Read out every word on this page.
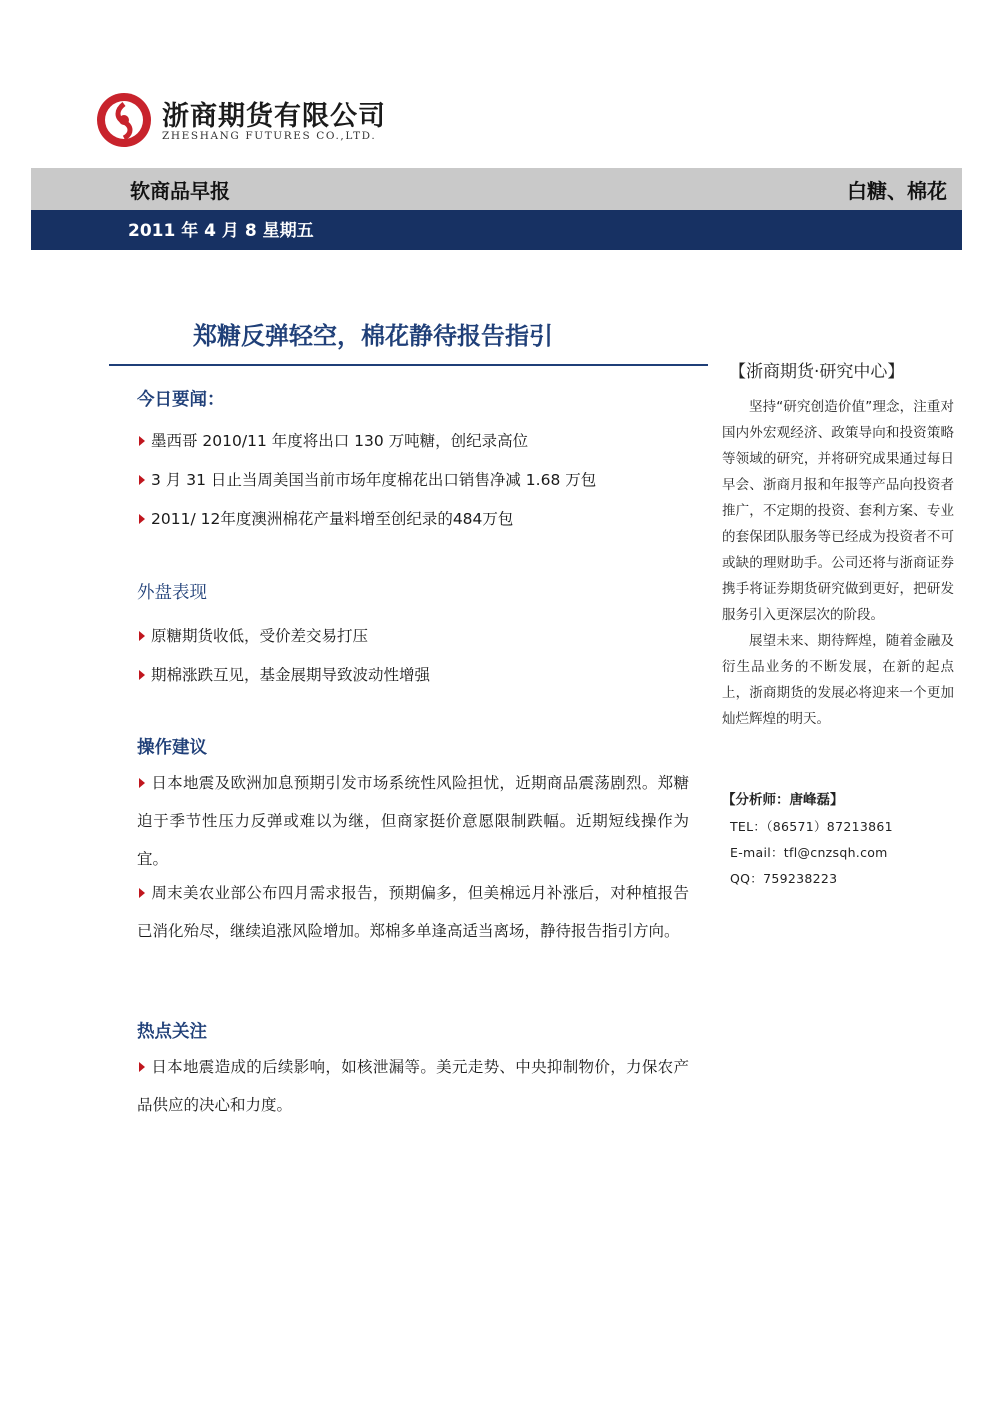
浙商期货有限公司
ZHESHANG FUTURES CO.,LTD.
软商品早报	白糖、棉花
2011 年 4 月 8 星期五
郑糖反弹轻空，棉花静待报告指引
今日要闻：
墨西哥 2010/11 年度将出口 130 万吨糖，创纪录高位
3 月 31 日止当周美国当前市场年度棉花出口销售净减 1.68 万包
2011/ 12年度澳洲棉花产量料增至创纪录的484万包
外盘表现
原糖期货收低，受价差交易打压
期棉涨跌互见，基金展期导致波动性增强
操作建议
日本地震及欧洲加息预期引发市场系统性风险担忧，近期商品震荡剧烈。郑糖迫于季节性压力反弹或难以为继，但商家挺价意愿限制跌幅。近期短线操作为宜。
周末美农业部公布四月需求报告，预期偏多，但美棉远月补涨后，对种植报告已消化殆尽，继续追涨风险增加。郑棉多单逢高适当离场，静待报告指引方向。
热点关注
日本地震造成的后续影响，如核泄漏等。美元走势、中央抑制物价，力保农产品供应的决心和力度。
【浙商期货·研究中心】

坚持“研究创造价值”理念，注重对国内外宏观经济、政策导向和投资策略等领域的研究，并将研究成果通过每日早会、浙商月报和年报等产品向投资者推广，不定期的投资、套利方案、专业的套保团队服务等已经成为投资者不可或缺的理财助手。公司还将与浙商证券携手将证券期货研究做到更好，把研发服务引入更深层次的阶段。

展望未来、期待辉煌，随着金融及衍生品业务的不断发展，在新的起点上，浙商期货的发展必将迎来一个更加灿烂辉煌的明天。

【分析师：唐峰磊】
TEL：（86571）87213861
E-mail：tfl@cnzsqh.com
QQ：759238223
